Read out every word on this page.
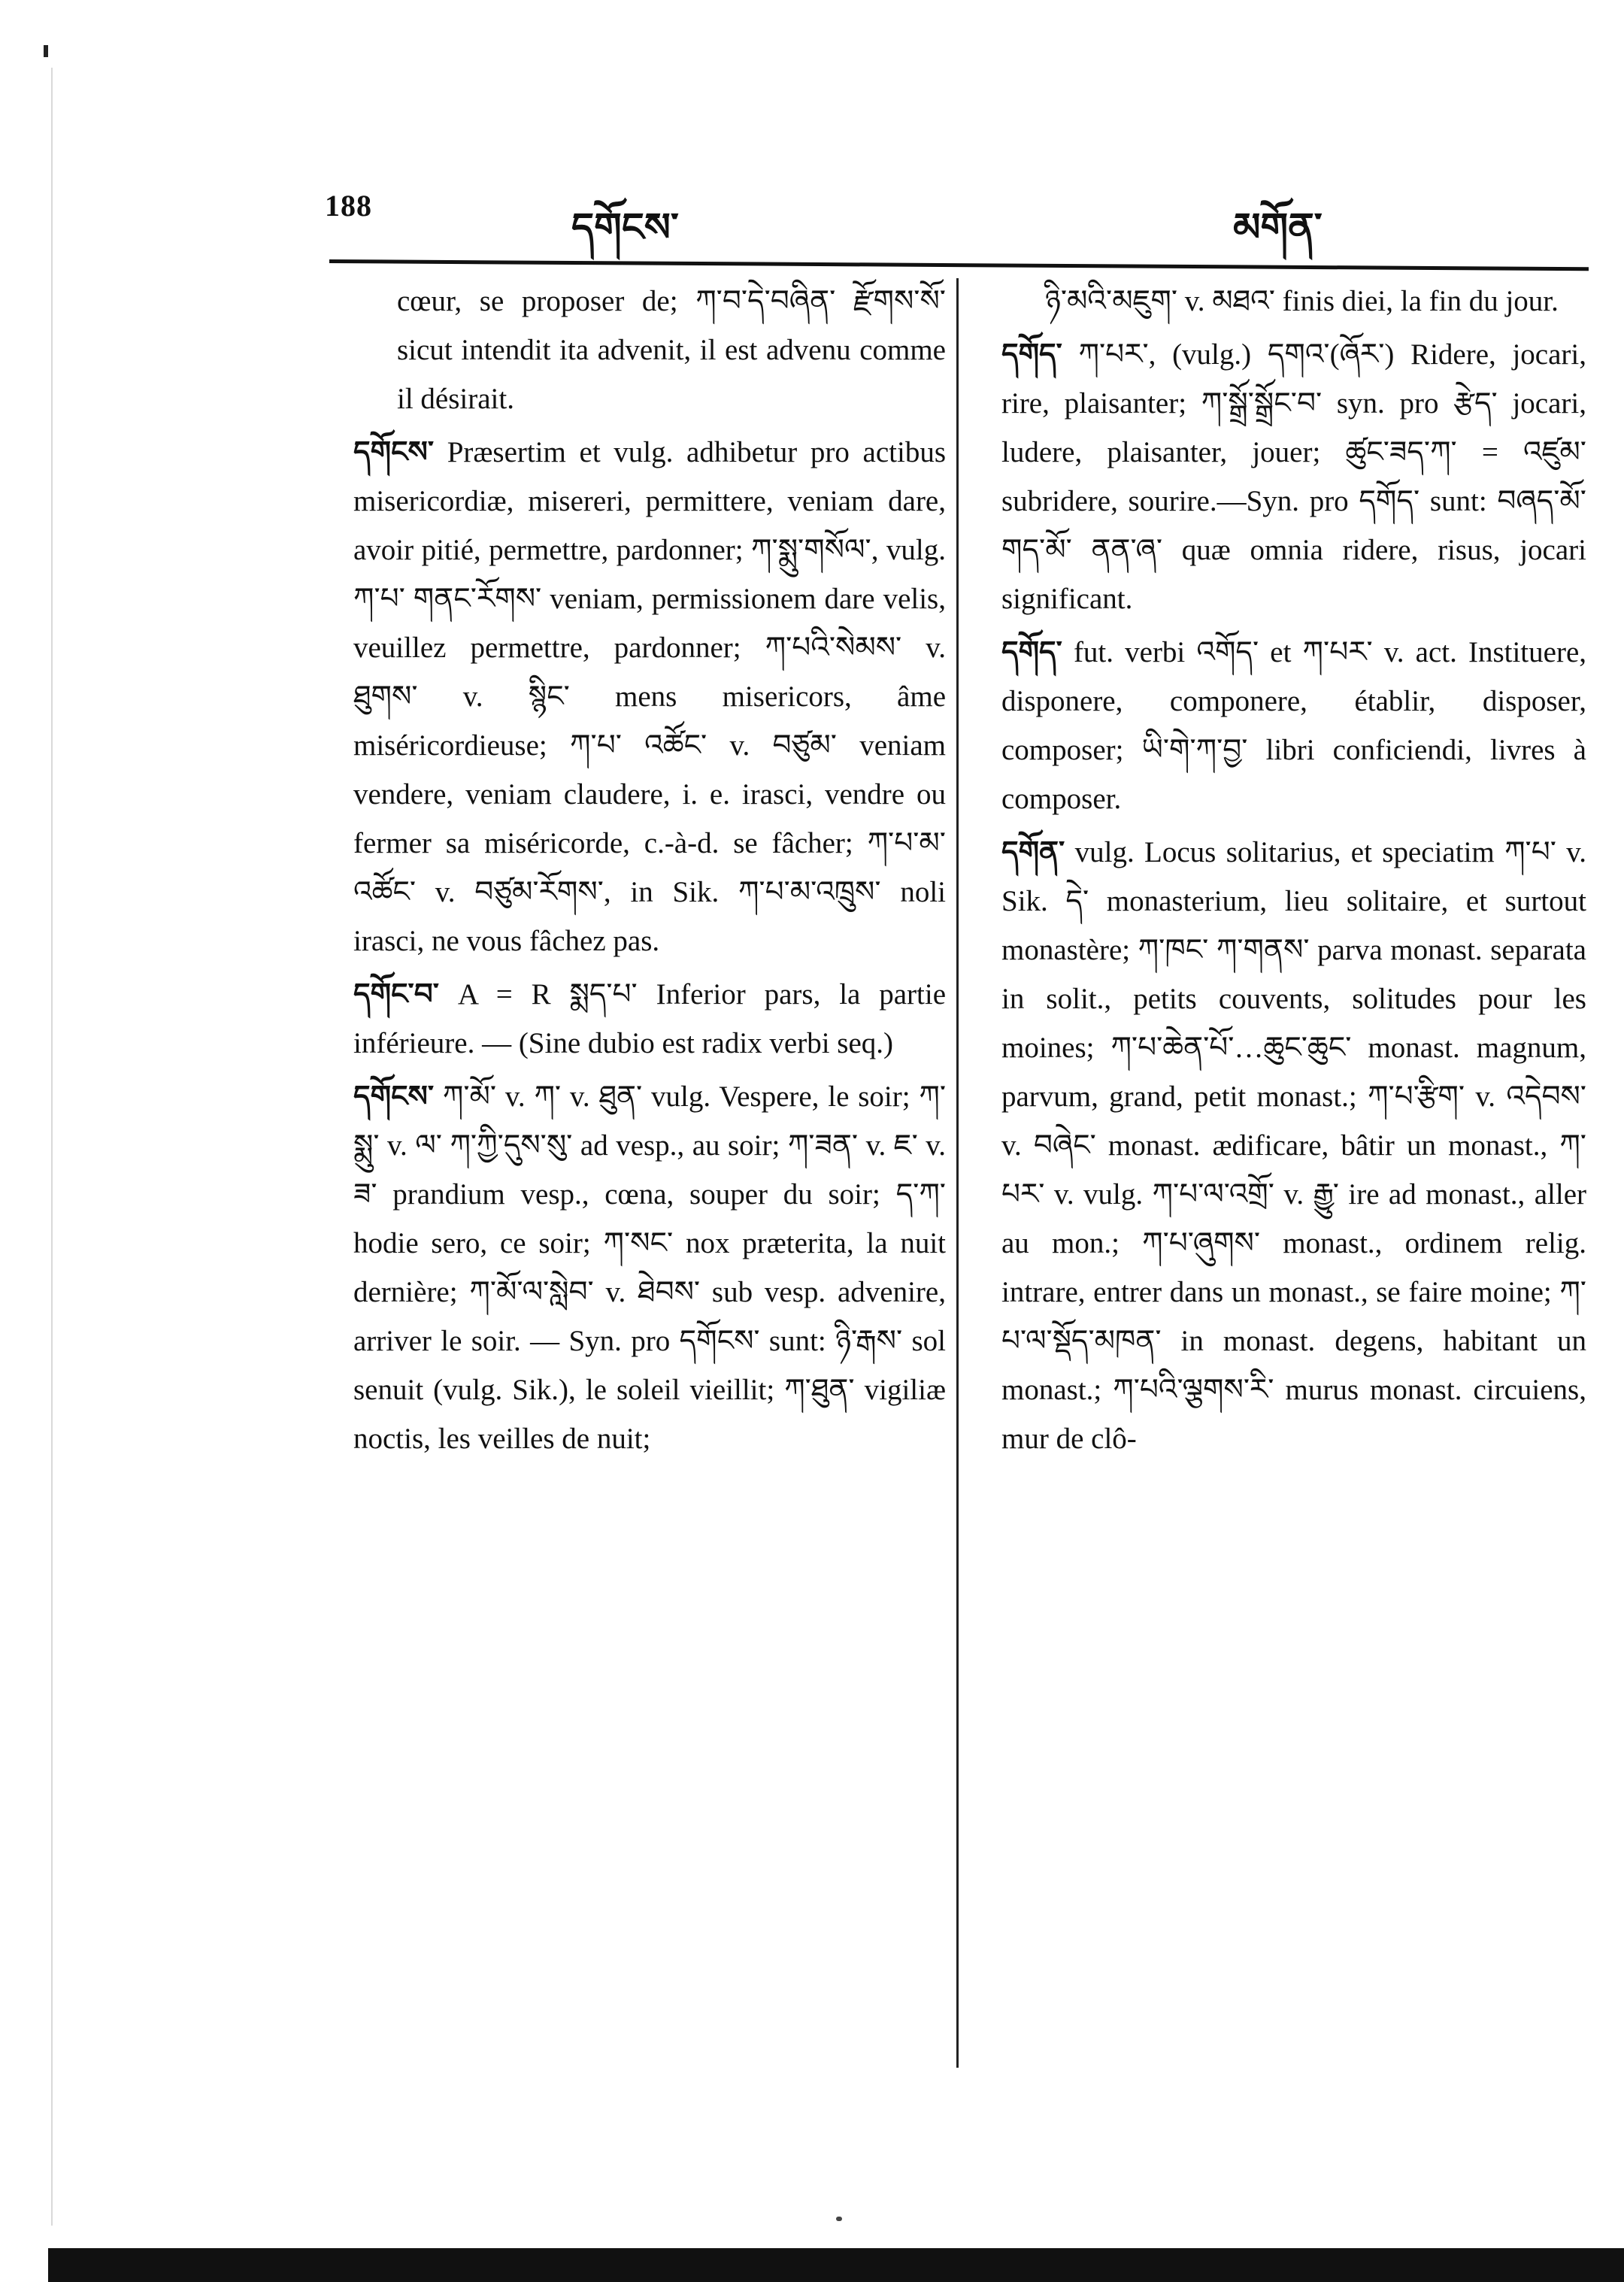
188
དགོངས་	མགོན་

cœur, se proposer de; ཀ་བ་དེ་བཞིན་ རྫོགས་སོ་ sicut intendit ita advenit, il est advenu comme il désirait.

དགོངས་ Præsertim et vulg. adhibetur pro actibus misericordiæ, misereri, permittere, veniam dare, avoir pitié, permettre, pardonner; ཀ་སྨུ་གསོལ་, vulg. ཀ་པ་ གནང་རོགས་ veniam, permissionem dare velis, veuillez permettre, pardonner; ཀ་པའི་སེམས་ v. ཐུགས་ v. སྙིང་ mens misericors, âme miséricordieuse; ཀ་པ་ འཚོང་ v. བཙུམ་ veniam vendere, veniam claudere, i. e. irasci, vendre ou fermer sa miséricorde, c.-à-d. se fâcher; ཀ་པ་མ་འཚོང་ v. བཙུམ་རོགས་, in Sik. ཀ་པ་མ་འཁྲུས་ noli irasci, ne vous fâchez pas.

དགོང་བ་ A = R སྨད་པ་ Inferior pars, la partie inférieure. — (Sine dubio est radix verbi seq.)

དགོངས་ ཀ་མོ་ v. ཀ་ v. ཐུན་ vulg. Vespere, le soir; ཀ་སྨུ་ v. ལ་ ཀ་ཀྱི་དུས་སུ་ ad vesp., au soir; ཀ་ཟན་ v. ཇ་ v. ཟ་ prandium vesp., cœna, souper du soir; ད་ཀ་ hodie sero, ce soir; ཀ་སང་ nox præterita, la nuit dernière; ཀ་མོ་ལ་སླེབ་ v. ཐེབས་ sub vesp. advenire, arriver le soir. — Syn. pro དགོངས་ sunt: ཉི་རྒས་ sol senuit (vulg. Sik.), le soleil vieillit; ཀ་ཐུན་ vigiliæ noctis, les veilles de nuit;

ཉི་མའི་མཇུག་ v. མཐའ་ finis diei, la fin du jour.

དགོད་ ཀ་པར་, (vulg.) དགའ་(ཞོར་) Ridere, jocari, rire, plaisanter; ཀ་སྒྲོ་སྒྲོང་བ་ syn. pro རྩེད་ jocari, ludere, plaisanter, jouer; ཚུང་ཟད་ཀ་ = འཛུམ་ subridere, sourire.—Syn. pro དགོད་ sunt: བཞད་མོ་ གད་མོ་ ནན་ཞ་ quæ omnia ridere, risus, jocari significant.

དགོད་ fut. verbi འགོད་ et ཀ་པར་ v. act. Instituere, disponere, componere, établir, disposer, composer; ཡི་གེ་ཀ་བྱ་ libri conficiendi, livres à composer.

དགོན་ vulg. Locus solitarius, et speciatim ཀ་པ་ v. Sik. དེ་ monasterium, lieu solitaire, et surtout monastère; ཀ་ཁང་ ཀ་གནས་ parva monast. separata in solit., petits couvents, solitudes pour les moines; ཀ་པ་ཆེན་པོ་…ཆུང་ཆུང་ monast. magnum, parvum, grand, petit monast.; ཀ་པ་རྩིག་ v. འདེབས་ v. བཞེང་ monast. ædificare, bâtir un monast., ཀ་པར་ v. vulg. ཀ་པ་ལ་འགྲོ་ v. རྒྱུ་ ire ad monast., aller au mon.; ཀ་པ་ཞུགས་ monast., ordinem relig. intrare, entrer dans un monast., se faire moine; ཀ་པ་ལ་སྡོད་མཁན་ in monast. degens, habitant un monast.; ཀ་པའི་ལྕགས་རི་ murus monast. circuiens, mur de clô-
